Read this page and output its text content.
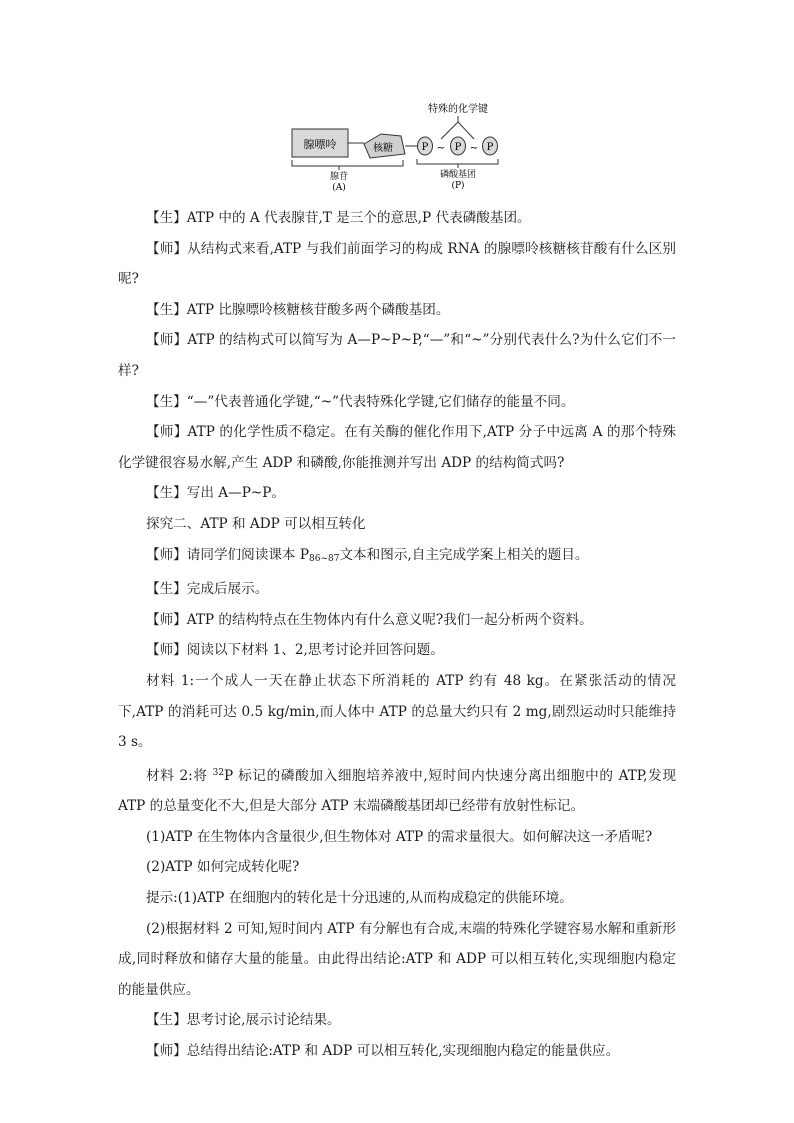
腺嘌呤	核糖	P ~ P ~ P
特殊的化学键
腺苷
(A)
磷酸基团
(P)

【生】ATP 中的 A 代表腺苷,T 是三个的意思,P 代表磷酸基团。

【师】从结构式来看,ATP 与我们前面学习的构成 RNA 的腺嘌呤核糖核苷酸有什么区别呢?

【生】ATP 比腺嘌呤核糖核苷酸多两个磷酸基团。

【师】ATP 的结构式可以简写为 A—P~P~P,“—”和“~”分别代表什么?为什么它们不一样?

【生】“—”代表普通化学键,“~”代表特殊化学键,它们储存的能量不同。

【师】ATP 的化学性质不稳定。在有关酶的催化作用下,ATP 分子中远离 A 的那个特殊化学键很容易水解,产生 ADP 和磷酸,你能推测并写出 ADP 的结构简式吗?

【生】写出 A—P~P。

探究二、ATP 和 ADP 可以相互转化

【师】请同学们阅读课本 $P_{86\sim 87}$文本和图示,自主完成学案上相关的题目。

【生】完成后展示。

【师】ATP 的结构特点在生物体内有什么意义呢?我们一起分析两个资料。

【师】阅读以下材料 1、2,思考讨论并回答问题。

材料 1:一个成人一天在静止状态下所消耗的 ATP 约有 48 kg。在紧张活动的情况下,ATP 的消耗可达 0.5 kg/min,而人体中 ATP 的总量大约只有 2 mg,剧烈运动时只能维持 3 s。

材料 2:将 $^{32}$P 标记的磷酸加入细胞培养液中,短时间内快速分离出细胞中的 ATP,发现 ATP 的总量变化不大,但是大部分 ATP 末端磷酸基团却已经带有放射性标记。

(1)ATP 在生物体内含量很少,但生物体对 ATP 的需求量很大。如何解决这一矛盾呢?

(2)ATP 如何完成转化呢?

提示:(1)ATP 在细胞内的转化是十分迅速的,从而构成稳定的供能环境。

(2)根据材料 2 可知,短时间内 ATP 有分解也有合成,末端的特殊化学键容易水解和重新形成,同时释放和储存大量的能量。由此得出结论:ATP 和 ADP 可以相互转化,实现细胞内稳定的能量供应。

【生】思考讨论,展示讨论结果。

【师】总结得出结论:ATP 和 ADP 可以相互转化,实现细胞内稳定的能量供应。
